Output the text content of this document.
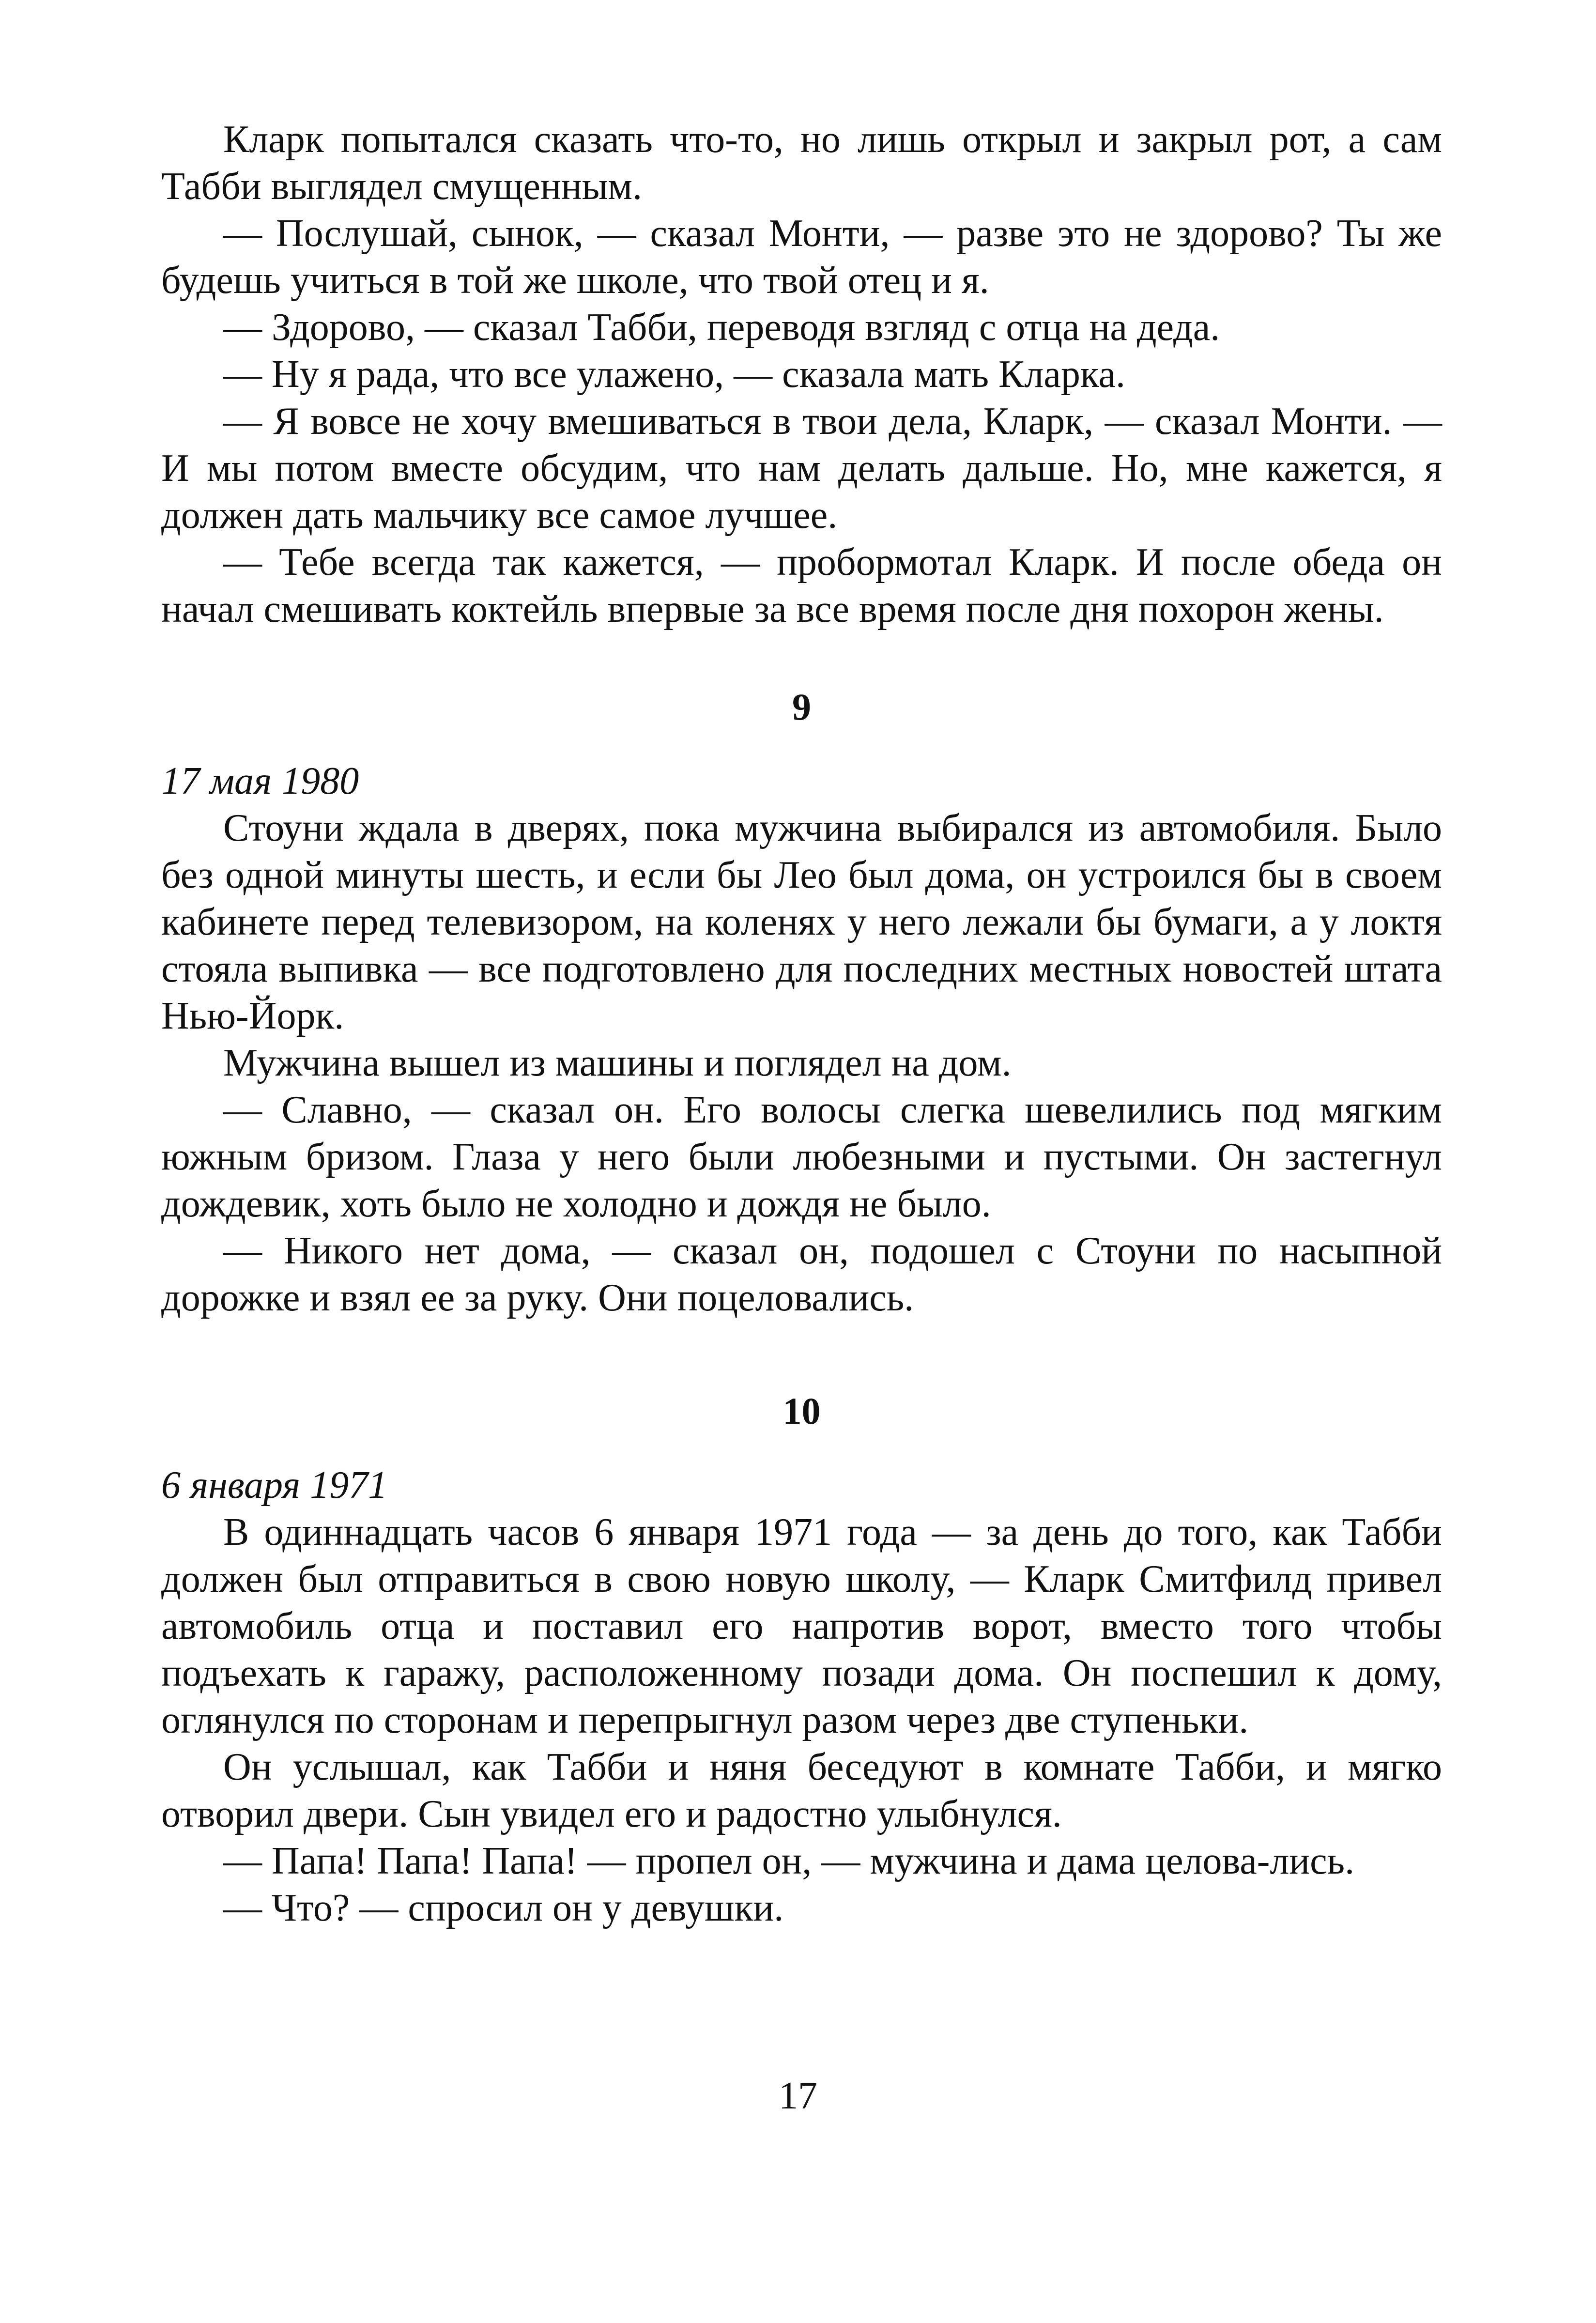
Кларк попытался сказать что-то, но лишь открыл и закрыл рот, а сам Табби выглядел смущенным.

— Послушай, сынок, — сказал Монти, — разве это не здорово? Ты же будешь учиться в той же школе, что твой отец и я.

— Здорово, — сказал Табби, переводя взгляд с отца на деда.

— Ну я рада, что все улажено, — сказала мать Кларка.

— Я вовсе не хочу вмешиваться в твои дела, Кларк, — сказал Монти. — И мы потом вместе обсудим, что нам делать дальше. Но, мне кажется, я должен дать мальчику все самое лучшее.

— Тебе всегда так кажется, — пробормотал Кларк. И после обеда он начал смешивать коктейль впервые за все время после дня похорон жены.

9

17 мая 1980

Стоуни ждала в дверях, пока мужчина выбирался из автомобиля. Было без одной минуты шесть, и если бы Лео был дома, он устроился бы в своем кабинете перед телевизором, на коленях у него лежали бы бумаги, а у локтя стояла выпивка — все подготовлено для последних местных новостей штата Нью-Йорк.

Мужчина вышел из машины и поглядел на дом.

— Славно, — сказал он. Его волосы слегка шевелились под мягким южным бризом. Глаза у него были любезными и пустыми. Он застегнул дождевик, хоть было не холодно и дождя не было.

— Никого нет дома, — сказал он, подошел с Стоуни по насыпной дорожке и взял ее за руку. Они поцеловались.

10

6 января 1971

В одиннадцать часов 6 января 1971 года — за день до того, как Табби должен был отправиться в свою новую школу, — Кларк Смитфилд привел автомобиль отца и поставил его напротив ворот, вместо того чтобы подъехать к гаражу, расположенному позади дома. Он поспешил к дому, оглянулся по сторонам и перепрыгнул разом через две ступеньки.

Он услышал, как Табби и няня беседуют в комнате Табби, и мягко отворил двери. Сын увидел его и радостно улыбнулся.

— Папа! Папа! Папа! — пропел он, — мужчина и дама целова-лись.

— Что? — спросил он у девушки.

17
